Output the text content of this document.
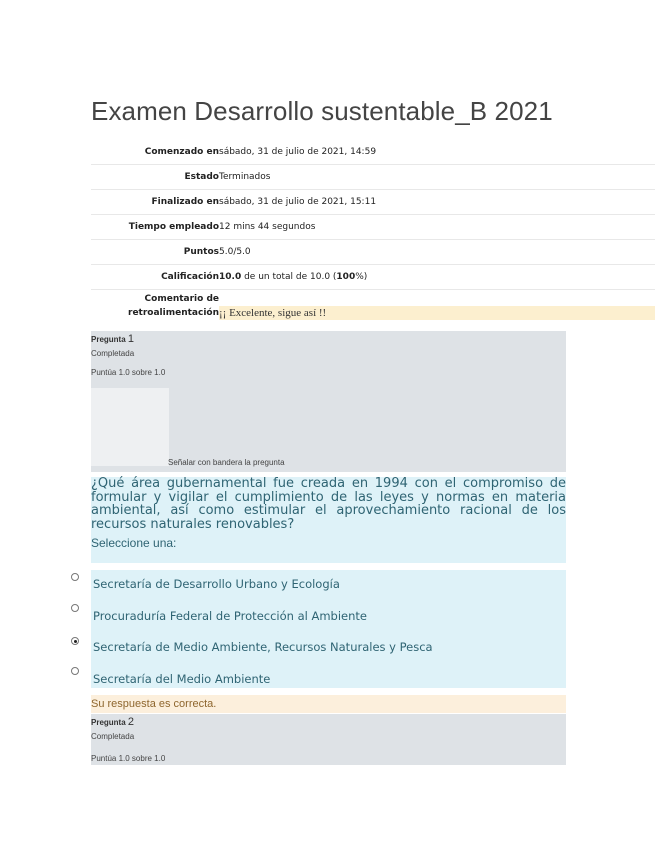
Examen Desarrollo sustentable_B 2021
Comenzado en sábado, 31 de julio de 2021, 14:59
Estado Terminados
Finalizado en sábado, 31 de julio de 2021, 15:11
Tiempo empleado 12 mins 44 segundos
Puntos 5.0/5.0
Calificación 10.0 de un total de 10.0 (100%)
Comentario de
retroalimentación ¡¡ Excelente, sigue así !!
Pregunta 1
Completada
Puntúa 1.0 sobre 1.0
Señalar con bandera la pregunta

¿Qué área gubernamental fue creada en 1994 con el compromiso de formular y vigilar el cumplimiento de las leyes y normas en materia ambiental, así como estimular el aprovechamiento racional de los recursos naturales renovables?

Seleccione una:
Secretaría de Desarrollo Urbano y Ecología
Procuraduría Federal de Protección al Ambiente
Secretaría de Medio Ambiente, Recursos Naturales y Pesca
Secretaría del Medio Ambiente
Su respuesta es correcta.
Pregunta 2
Completada
Puntúa 1.0 sobre 1.0
